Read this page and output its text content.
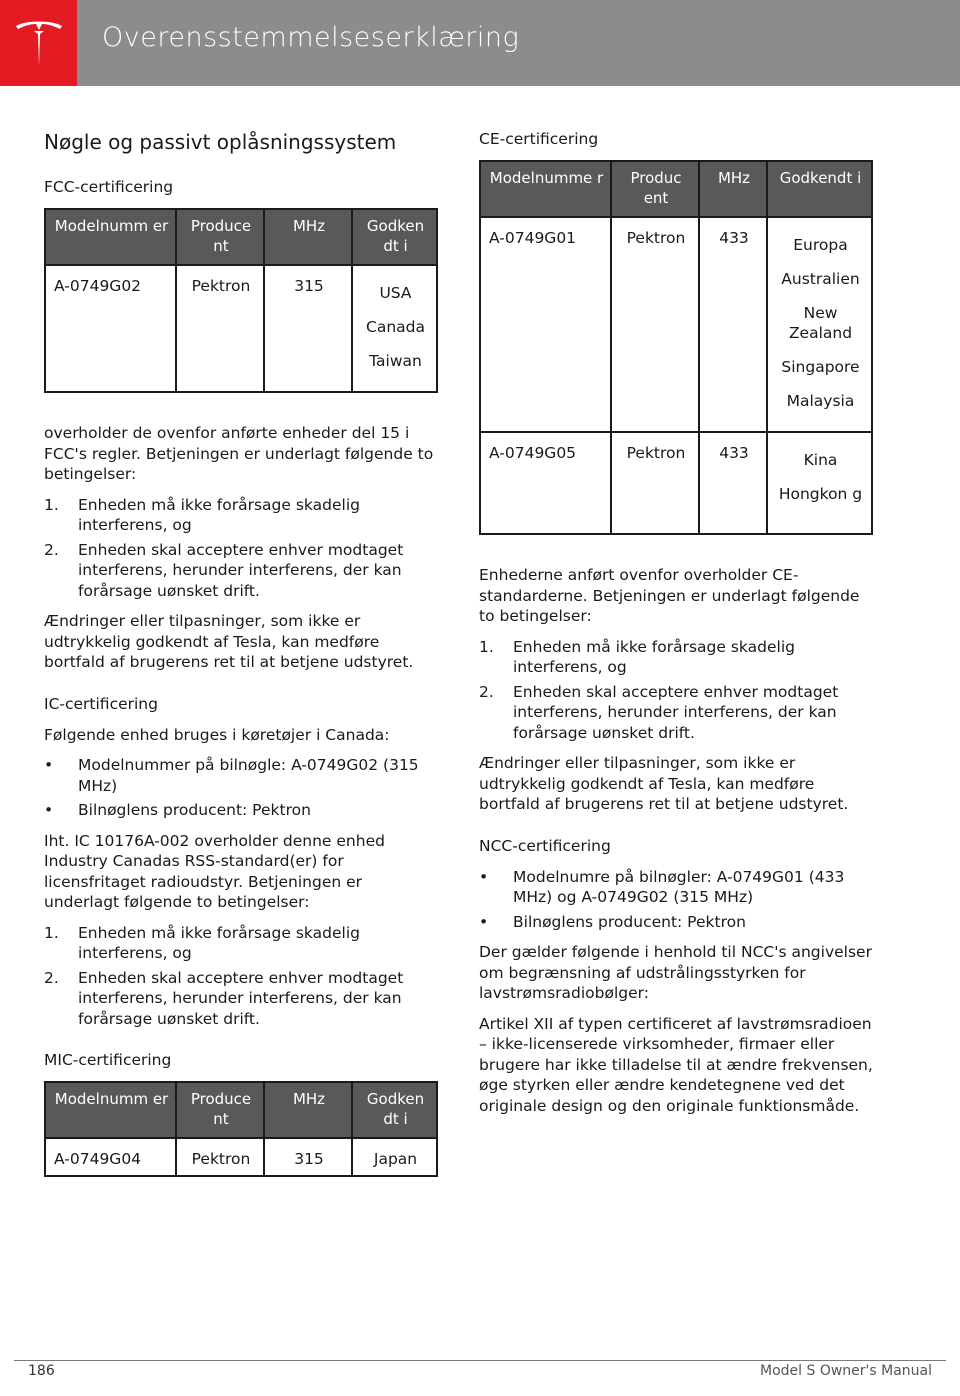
Overensstemmelseserklæring
Nøgle og passivt oplåsningssystem
FCC-certificering
Modelnumm er	Produce nt	MHz	Godken dt i
A-0749G02	Pektron	315	USA
Canada
Taiwan

overholder de ovenfor anførte enheder del 15 i FCC's regler. Betjeningen er underlagt følgende to betingelser:

1. Enheden må ikke forårsage skadelig interferens, og
2. Enheden skal acceptere enhver modtaget interferens, herunder interferens, der kan forårsage uønsket drift.

Ændringer eller tilpasninger, som ikke er udtrykkelig godkendt af Tesla, kan medføre bortfald af brugerens ret til at betjene udstyret.

IC-certificering

Følgende enhed bruges i køretøjer i Canada:

• Modelnummer på bilnøgle: A-0749G02 (315 MHz)
• Bilnøglens producent: Pektron

Iht. IC 10176A-002 overholder denne enhed Industry Canadas RSS-standard(er) for licensfritaget radioudstyr. Betjeningen er underlagt følgende to betingelser:

1. Enheden må ikke forårsage skadelig interferens, og
2. Enheden skal acceptere enhver modtaget interferens, herunder interferens, der kan forårsage uønsket drift.
MIC-certificering
Modelnumm er	Produce nt	MHz	Godken dt i
A-0749G04	Pektron	315	Japan
CE-certificering
Modelnumme r	Produc ent	MHz	Godkendt i
A-0749G01	Pektron	433	Europa
Australien
New Zealand
Singapore
Malaysia

A-0749G05	Pektron	433	Kina
Hongkon g

Enhederne anført ovenfor overholder CE-standarderne. Betjeningen er underlagt følgende to betingelser:

1. Enheden må ikke forårsage skadelig interferens, og
2. Enheden skal acceptere enhver modtaget interferens, herunder interferens, der kan forårsage uønsket drift.

Ændringer eller tilpasninger, som ikke er udtrykkelig godkendt af Tesla, kan medføre bortfald af brugerens ret til at betjene udstyret.

NCC-certificering
• Modelnumre på bilnøgler: A-0749G01 (433 MHz) og A-0749G02 (315 MHz)
• Bilnøglens producent: Pektron

Der gælder følgende i henhold til NCC's angivelser om begrænsning af udstrålingsstyrken for lavstrømsradiobølger:

Artikel XII af typen certificeret af lavstrømsradioen – ikke-licenserede virksomheder, firmaer eller brugere har ikke tilladelse til at ændre frekvensen, øge styrken eller ændre kendetegnene ved det originale design og den originale funktionsmåde.

186	Model S Owner's Manual
